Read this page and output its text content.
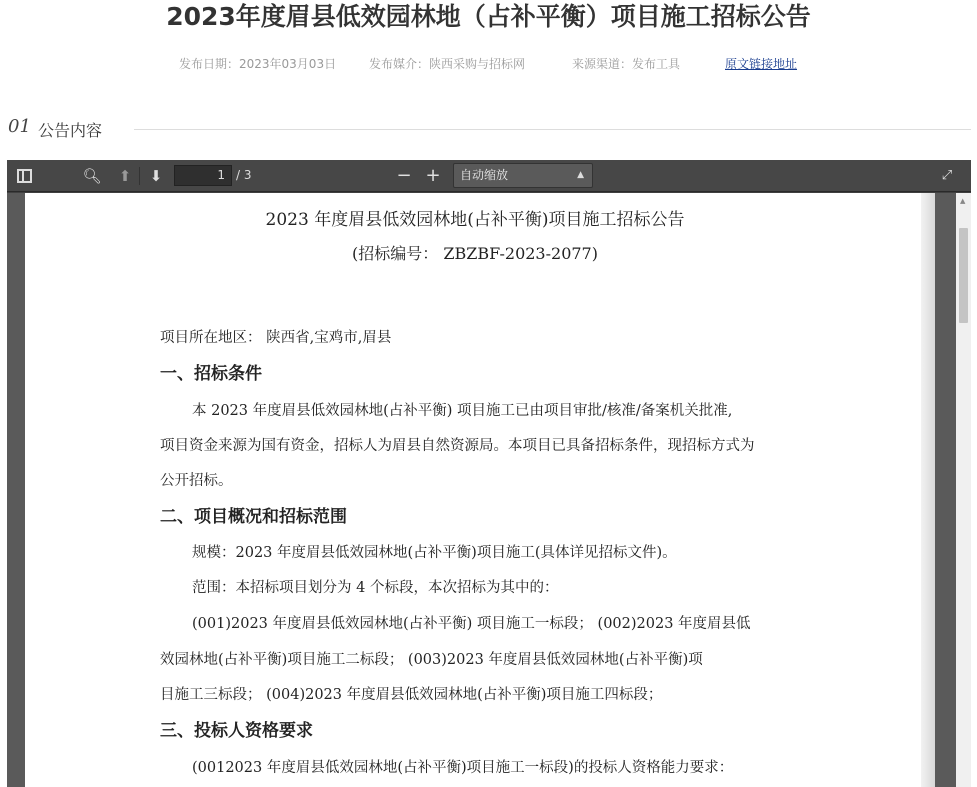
2023年度眉县低效园林地（占补平衡）项目施工招标公告
发布日期：2023年03月03日	发布媒介：陕西采购与招标网	来源渠道：发布工具	原文链接地址
01 公告内容
🔍︎ ⬆︎ ⬇︎	1 / 3	− +	自动缩放	▲	⤢
2023 年度眉县低效园林地(占补平衡)项目施工招标公告
(招标编号： ZBZBF-2023-2077)
项目所在地区： 陕西省,宝鸡市,眉县
一、招标条件
本 2023 年度眉县低效园林地(占补平衡) 项目施工已由项目审批/核准/备案机关批准,
项目资金来源为国有资金，招标人为眉县自然资源局。本项目已具备招标条件，现招标方式为
公开招标。
二、项目概况和招标范围
规模：2023 年度眉县低效园林地(占补平衡)项目施工(具体详见招标文件)。
范围：本招标项目划分为 4 个标段，本次招标为其中的：
(001)2023 年度眉县低效园林地(占补平衡) 项目施工一标段； (002)2023 年度眉县低
效园林地(占补平衡)项目施工二标段； (003)2023 年度眉县低效园林地(占补平衡)项
目施工三标段； (004)2023 年度眉县低效园林地(占补平衡)项目施工四标段；
三、投标人资格要求
(0012023 年度眉县低效园林地(占补平衡)项目施工一标段)的投标人资格能力要求：
▲
